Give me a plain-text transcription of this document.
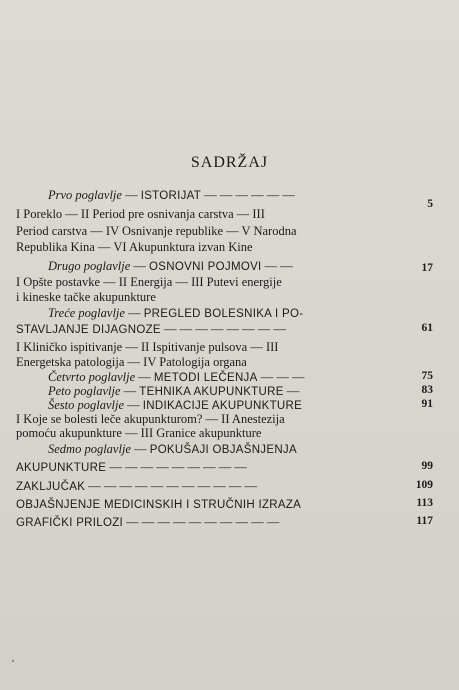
SADRŽAJ
Prvo poglavlje — ISTORIJAT — — — — — —
5
I Poreklo — II Period pre osnivanja carstva — III
Period carstva — IV Osnivanje republike — V Narodna
Republika Kina — VI Akupunktura izvan Kine
Drugo poglavlje — OSNOVNI POJMOVI — —	17
I Opšte postavke — II Energija — III Putevi energije
i kineske tačke akupunkture
Treće poglavlje — PREGLED BOLESNIKA I PO-
STAVLJANJE DIJAGNOZE — — — — — — — —	61
I Kliničko ispitivanje — II Ispitivanje pulsova — III
Energetska patologija — IV Patologija organa
Četvrto poglavlje — METODI LEČENJA — — —	75
Peto poglavlje — TEHNIKA AKUPUNKTURE —	83
Šesto poglavlje — INDIKACIJE AKUPUNKTURE	91
I Koje se bolesti leče akupunkturom? — II Anestezija
pomoću akupunkture — III Granice akupunkture
Sedmo poglavlje — POKUŠAJI OBJAŠNJENJA
AKUPUNKTURE — — — — — — — — —	99
ZAKLJUČAK — — — — — — — — — — —	109
OBJAŠNJENJE MEDICINSKIH I STRUČNIH IZRAZA	113
GRAFIČKI PRILOZI — — — — — — — — — —	117
